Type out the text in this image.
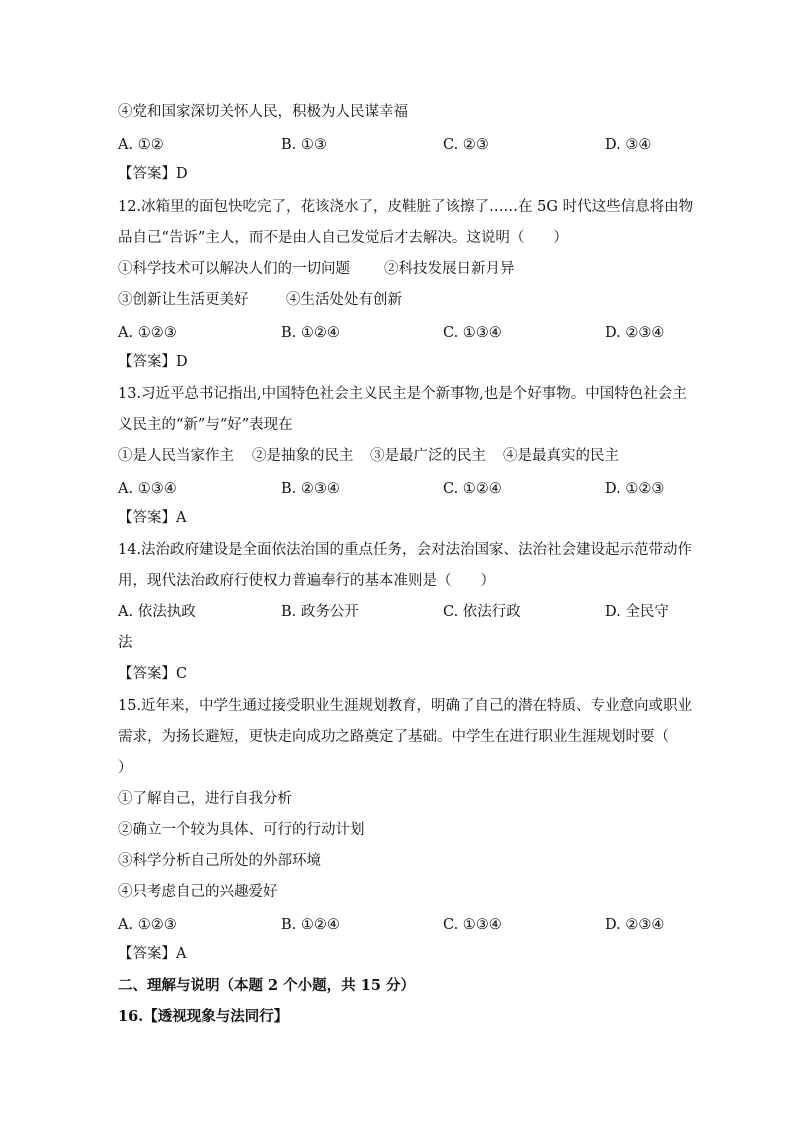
④党和国家深切关怀人民，积极为人民谋幸福
A. ①②	B. ①③	C. ②③	D. ③④
【答案】D
12.冰箱里的面包快吃完了，花该浇水了，皮鞋脏了该擦了……在 5G 时代这些信息将由物
品自己“告诉”主人，而不是由人自己发觉后才去解决。这说明（　　）
①科学技术可以解决人们的一切问题 ②科技发展日新月异
③创新让生活更美好	④生活处处有创新
A. ①②③	B. ①②④	C. ①③④	D. ②③④
【答案】D
13.习近平总书记指出,中国特色社会主义民主是个新事物,也是个好事物。中国特色社会主
义民主的“新”与“好”表现在
①是人民当家作主 ②是抽象的民主 ③是最广泛的民主 ④是最真实的民主
A. ①③④	B. ②③④	C. ①②④	D. ①②③
【答案】A
14.法治政府建设是全面依法治国的重点任务，会对法治国家、法治社会建设起示范带动作
用，现代法治政府行使权力普遍奉行的基本准则是（　　）
A. 依法执政	B. 政务公开	C. 依法行政	D. 全民守
法
【答案】C
15.近年来，中学生通过接受职业生涯规划教育，明确了自己的潜在特质、专业意向或职业
需求，为扬长避短，更快走向成功之路奠定了基础。中学生在进行职业生涯规划时要（
）
①了解自己，进行自我分析
②确立一个较为具体、可行的行动计划
③科学分析自己所处的外部环境
④只考虑自己的兴趣爱好
A. ①②③	B. ①②④	C. ①③④	D. ②③④
【答案】A
二、理解与说明（本题 2 个小题，共 15 分）
16.【透视现象与法同行】
